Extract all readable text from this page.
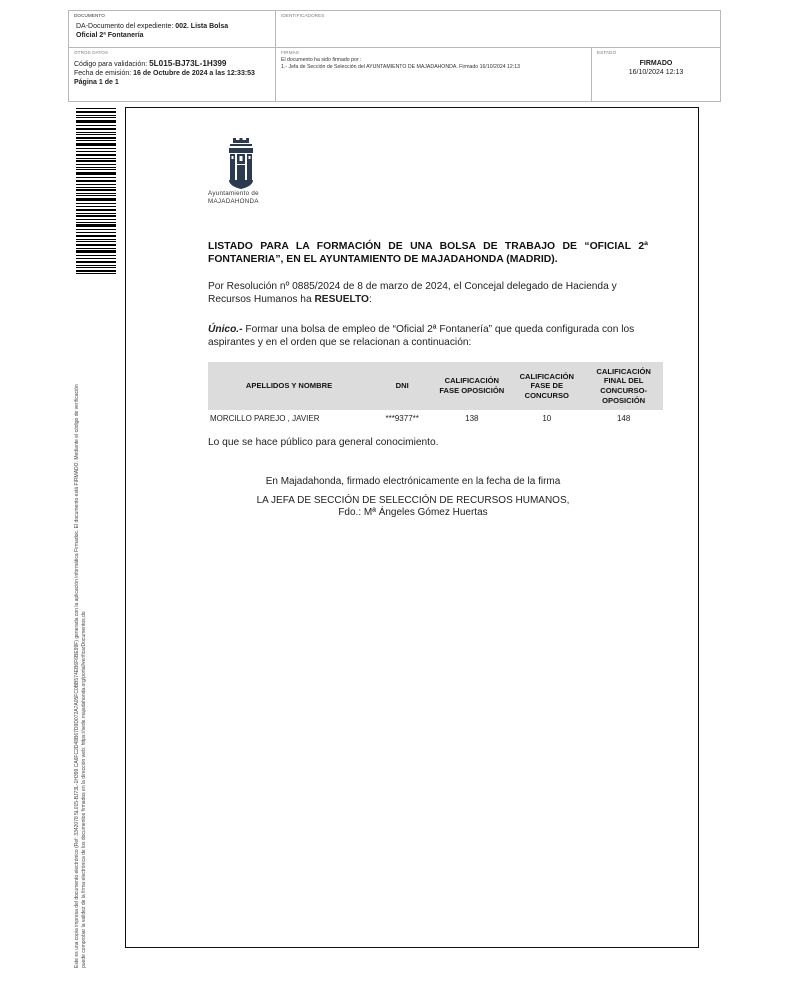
DOCUMENTO
DA-Documento del expediente: 002. Lista Bolsa
Oficial 2ª Fontanería
IDENTIFICADORES
OTROS DATOS
Código para validación: 5L015-BJ73L-1H399
Fecha de emisión: 16 de Octubre de 2024 a las 12:33:53
Página 1 de 1
FIRMAS
El documento ha sido firmado por :
1.- Jefa de Sección de Selección del AYUNTAMIENTO DE MAJADAHONDA. Firmado 16/10/2024 12:13
ESTADO
FIRMADO
16/10/2024 12:13
Este es una copia impresa del documento electrónico (Ref: 3342078 5L015-BJ73L-1H399 CA6FC2D48B67D9D072A7A05FC0BB574EB6F6BE99F) generada con la aplicación informática Firmadoc. El documento está FIRMADO. Mediante el código de verificación puede comprobar la validez de la firma electrónica de los documentos firmados en la dirección web: https://sede.majadahonda.org/portal/verificarDocumentos.do
Ayuntamiento de
MAJADAHONDA
LISTADO PARA LA FORMACIÓN DE UNA BOLSA DE TRABAJO DE “OFICIAL 2ª FONTANERIA”, EN EL AYUNTAMIENTO DE MAJADAHONDA (MADRID).
Por Resolución nº 0885/2024 de 8 de marzo de 2024, el Concejal delegado de Hacienda y Recursos Humanos ha RESUELTO:
Único.- Formar una bolsa de empleo de “Oficial 2ª Fontanería” que queda configurada con los aspirantes y en el orden que se relacionan a continuación:
APELLIDOS Y NOMBRE	DNI	CALIFICACIÓN FASE OPOSICIÓN	CALIFICACIÓN FASE DE CONCURSO	CALIFICACIÓN FINAL DEL CONCURSO-OPOSICIÓN
MORCILLO PAREJO , JAVIER	***9377**	138	10	148
Lo que se hace público para general conocimiento.
En Majadahonda, firmado electrónicamente en la fecha de la firma
LA JEFA DE SECCIÓN DE SELECCIÓN DE RECURSOS HUMANOS,
Fdo.: Mª Ángeles Gómez Huertas
